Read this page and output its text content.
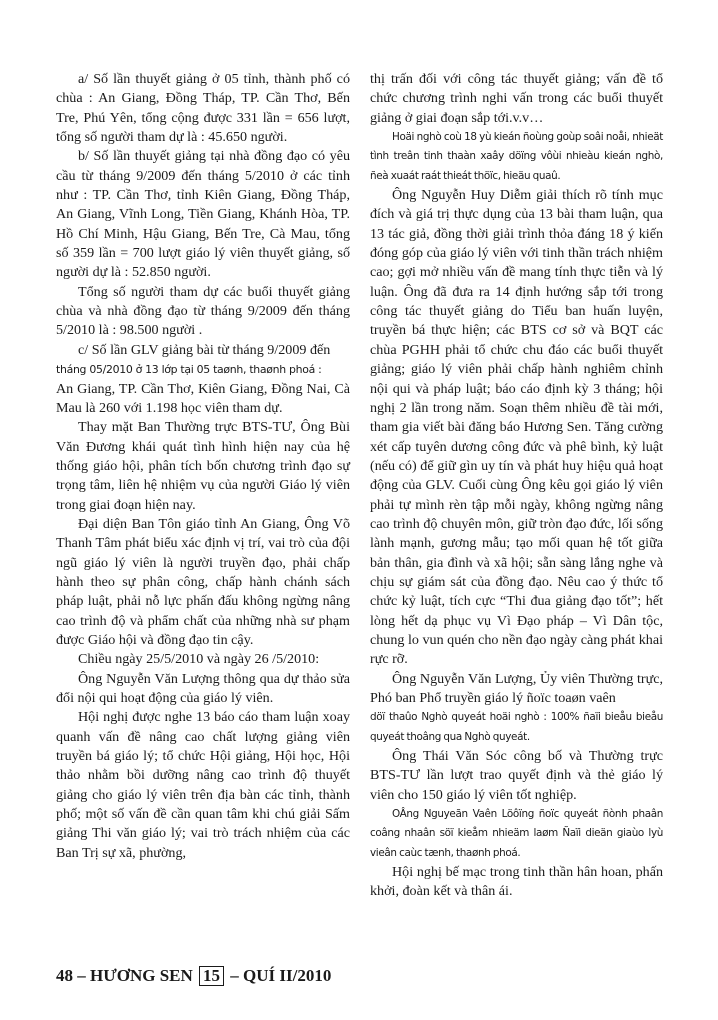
a/ Số lần thuyết giảng ở 05 tỉnh, thành phố có chùa : An Giang, Đồng Tháp, TP. Cần Thơ, Bến Tre, Phú Yên, tổng cộng được 331 lần = 656 lượt, tổng số người tham dự là : 45.650 người.

b/ Số lần thuyết giảng tại nhà đồng đạo có yêu cầu từ tháng 9/2009 đến tháng 5/2010 ở các tỉnh như : TP. Cần Thơ, tỉnh Kiên Giang, Đồng Tháp, An Giang, Vĩnh Long, Tiền Giang, Khánh Hòa, TP. Hồ Chí Minh, Hậu Giang, Bến Tre, Cà Mau, tổng số 359 lần = 700 lượt giáo lý viên thuyết giảng, số người dự là : 52.850 người.

Tổng số người tham dự các buổi thuyết giảng chùa và nhà đồng đạo từ tháng 9/2009 đến tháng 5/2010 là : 98.500 người .

c/ Số lần GLV giảng bài từ tháng 9/2009 đến

tháng 05/2010 ở 13 lớp tại 05 taønh, thaønh phoá :

An Giang, TP. Cần Thơ, Kiên Giang, Đồng Nai, Cà Mau là 260 với 1.198 học viên tham dự.

Thay mặt Ban Thường trực BTS-TƯ, Ông Bùi Văn Đương khái quát tình hình hiện nay của hệ thống giáo hội, phân tích bốn chương trình đạo sự trọng tâm, liên hệ nhiệm vụ của người Giáo lý viên trong giai đoạn hiện nay.

Đại diện Ban Tôn giáo tỉnh An Giang, Ông Võ Thanh Tâm phát biểu xác định vị trí, vai trò của đội ngũ giáo lý viên là người truyền đạo, phải chấp hành theo sự phân công, chấp hành chánh sách pháp luật, phải nỗ lực phấn đấu không ngừng nâng cao trình độ và phẩm chất của những nhà sư phạm được Giáo hội và đồng đạo tin cậy.

Chiều ngày 25/5/2010 và ngày 26 /5/2010:

Ông Nguyễn Văn Lượng thông qua dự thảo sửa đổi nội qui hoạt động của giáo lý viên.

Hội nghị được nghe 13 báo cáo tham luận xoay quanh vấn đề nâng cao chất lượng giảng viên truyền bá giáo lý; tổ chức Hội giảng, Hội học, Hội thảo nhằm bồi dưỡng nâng cao trình độ thuyết giảng cho giáo lý viên trên địa bàn các tỉnh, thành phố; một số vấn đề cần quan tâm khi chú giải Sấm giảng Thi văn giáo lý; vai trò trách nhiệm của các Ban Trị sự xã, phường,

thị trấn đối với công tác thuyết giảng; vấn đề tổ chức chương trình nghi vấn trong các buổi thuyết giảng ở giai đoạn sắp tới.v.v…

Hoäi nghò coù 18 yù kieán ñoùng goùp soâi noåi, nhieät tình treân tinh thaàn xaây döïng vôùi nhieàu kieán nghò, ñeà xuaát raát thieát thöïc, hieäu quaû.

Ông Nguyễn Huy Diễm giải thích rõ tính mục đích và giá trị thực dụng của 13 bài tham luận, qua 13 tác giả, đồng thời giải trình thỏa đáng 18 ý kiến đóng góp của giáo lý viên với tinh thần trách nhiệm cao; gợi mở nhiều vấn đề mang tính thực tiễn và lý luận. Ông đã đưa ra 14 định hướng sắp tới trong công tác thuyết giảng do Tiểu ban huấn luyện, truyền bá thực hiện; các BTS cơ sở và BQT các chùa PGHH phải tổ chức chu đáo các buổi thuyết giảng; giáo lý viên phải chấp hành nghiêm chỉnh nội qui và pháp luật; báo cáo định kỳ 3 tháng; hội nghị 2 lần trong năm. Soạn thêm nhiều đề tài mới, tham gia viết bài đăng báo Hương Sen. Tăng cường xét cấp tuyên dương công đức và phê bình, kỷ luật (nếu có) để giữ gìn uy tín và phát huy hiệu quả hoạt động của GLV. Cuối cùng Ông kêu gọi giáo lý viên phải tự mình rèn tập mỗi ngày, không ngừng nâng cao trình độ chuyên môn, giữ tròn đạo đức, lối sống lành mạnh, gương mẫu; tạo mối quan hệ tốt giữa bản thân, gia đình và xã hội; sẵn sàng lắng nghe và chịu sự giám sát của đồng đạo. Nêu cao ý thức tổ chức kỷ luật, tích cực “Thi đua giảng đạo tốt”; hết lòng hết dạ phục vụ Vì Đạo pháp – Vì Dân tộc, chung lo vun quén cho nền đạo ngày càng phát khai rực rỡ.

Ông Nguyễn Văn Lượng, Ủy viên Thường trực, Phó ban Phổ truyền giáo lý ñoïc toaøn vaên

döï thaûo Nghò quyeát hoäi nghò : 100% ñaïi bieåu bieåu quyeát thoâng qua Nghò quyeát.

Ông Thái Văn Sóc công bố và Thường trực BTS-TƯ lần lượt trao quyết định và thẻ giáo lý viên cho 150 giáo lý viên tốt nghiệp.

OÂng Nguyeãn Vaên Löôïng ñoïc quyeát ñònh phaân coâng nhaân söï kieåm nhieäm laøm Ñaïi dieän giaùo lyù vieân caùc tænh, thaønh phoá.

Hội nghị bế mạc trong tinh thần hân hoan, phấn khởi, đoàn kết và thân ái.

48 – HƯƠNG SEN 15 – QUÍ II/2010
